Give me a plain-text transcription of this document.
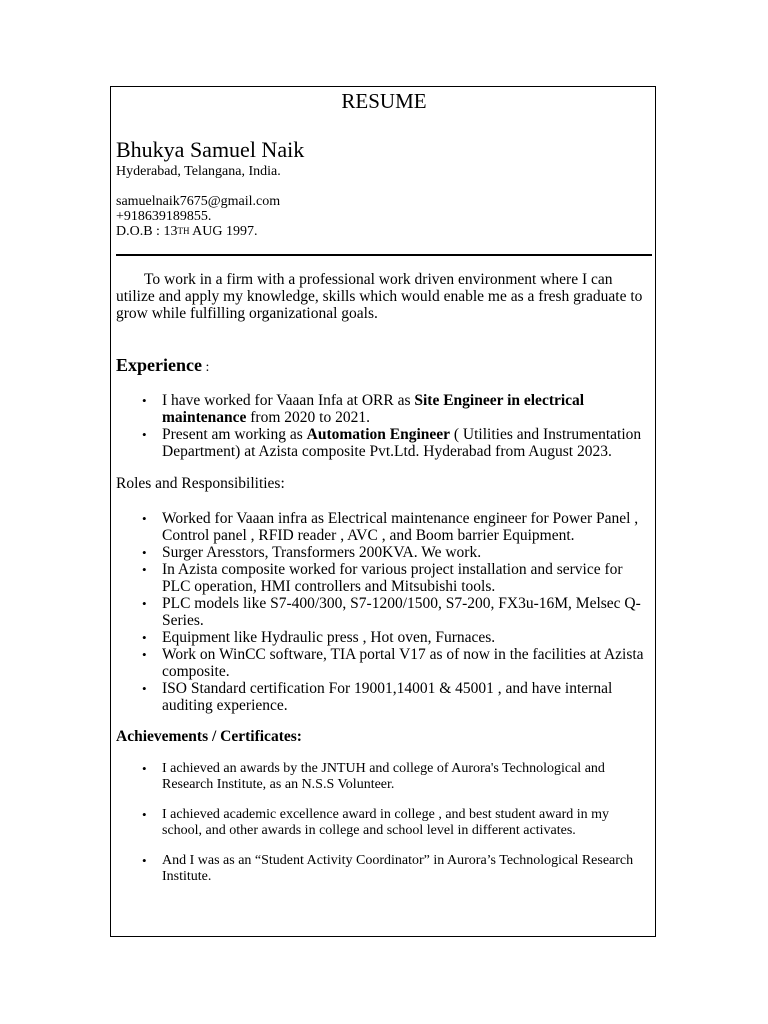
RESUME
Bhukya Samuel Naik
Hyderabad, Telangana, India.
samuelnaik7675@gmail.com
+918639189855.
D.O.B : 13TH AUG 1997.
To work in a firm with a professional work driven environment where I can utilize and apply my knowledge, skills which would enable me as a fresh graduate to grow while fulfilling organizational goals.
Experience :
• I have worked for Vaaan Infa at ORR as Site Engineer in electrical maintenance from 2020 to 2021.
• Present am working as Automation Engineer ( Utilities and Instrumentation Department) at Azista composite Pvt.Ltd. Hyderabad from August 2023.
Roles and Responsibilities:
• Worked for Vaaan infra as Electrical maintenance engineer for Power Panel , Control panel , RFID reader , AVC , and Boom barrier Equipment.
• Surger Aresstors, Transformers 200KVA. We work.
• In Azista composite worked for various project installation and service for PLC operation, HMI controllers and Mitsubishi tools.
• PLC models like S7-400/300, S7-1200/1500, S7-200, FX3u-16M, Melsec Q- Series.
• Equipment like Hydraulic press , Hot oven, Furnaces.
• Work on WinCC software, TIA portal V17 as of now in the facilities at Azista composite.
• ISO Standard certification For 19001,14001 & 45001 , and have internal auditing experience.
Achievements / Certificates:
• I achieved an awards by the JNTUH and college of Aurora's Technological and Research Institute, as an N.S.S Volunteer.
• I achieved academic excellence award in college , and best student award in my school, and other awards in college and school level in different activates.
• And I was as an “Student Activity Coordinator” in Aurora’s Technological Research Institute.
